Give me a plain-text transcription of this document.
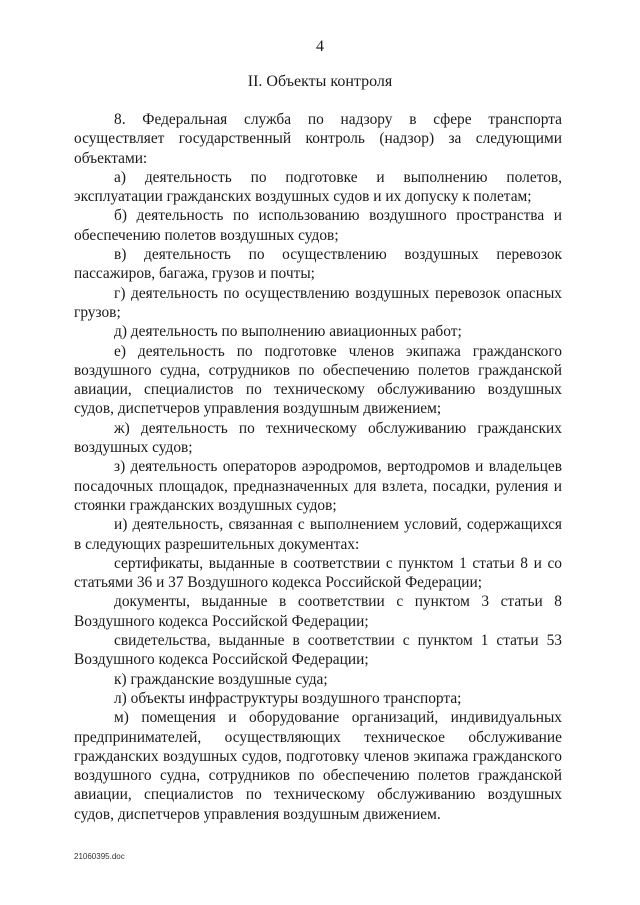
4
II. Объекты контроля

8. Федеральная служба по надзору в сфере транспорта осуществляет государственный контроль (надзор) за следующими объектами:

а) деятельность по подготовке и выполнению полетов, эксплуатации гражданских воздушных судов и их допуску к полетам;

б) деятельность по использованию воздушного пространства и обеспечению полетов воздушных судов;

в) деятельность по осуществлению воздушных перевозок пассажиров, багажа, грузов и почты;

г) деятельность по осуществлению воздушных перевозок опасных грузов;

д) деятельность по выполнению авиационных работ;

е) деятельность по подготовке членов экипажа гражданского воздушного судна, сотрудников по обеспечению полетов гражданской авиации, специалистов по техническому обслуживанию воздушных судов, диспетчеров управления воздушным движением;

ж) деятельность по техническому обслуживанию гражданских воздушных судов;

з) деятельность операторов аэродромов, вертодромов и владельцев посадочных площадок, предназначенных для взлета, посадки, руления и стоянки гражданских воздушных судов;

и) деятельность, связанная с выполнением условий, содержащихся в следующих разрешительных документах:

сертификаты, выданные в соответствии с пунктом 1 статьи 8 и со статьями 36 и 37 Воздушного кодекса Российской Федерации;

документы, выданные в соответствии с пунктом 3 статьи 8 Воздушного кодекса Российской Федерации;

свидетельства, выданные в соответствии с пунктом 1 статьи 53 Воздушного кодекса Российской Федерации;

к) гражданские воздушные суда;

л) объекты инфраструктуры воздушного транспорта;

м) помещения и оборудование организаций, индивидуальных предпринимателей, осуществляющих техническое обслуживание гражданских воздушных судов, подготовку членов экипажа гражданского воздушного судна, сотрудников по обеспечению полетов гражданской авиации, специалистов по техническому обслуживанию воздушных судов, диспетчеров управления воздушным движением.

21060395.doc
